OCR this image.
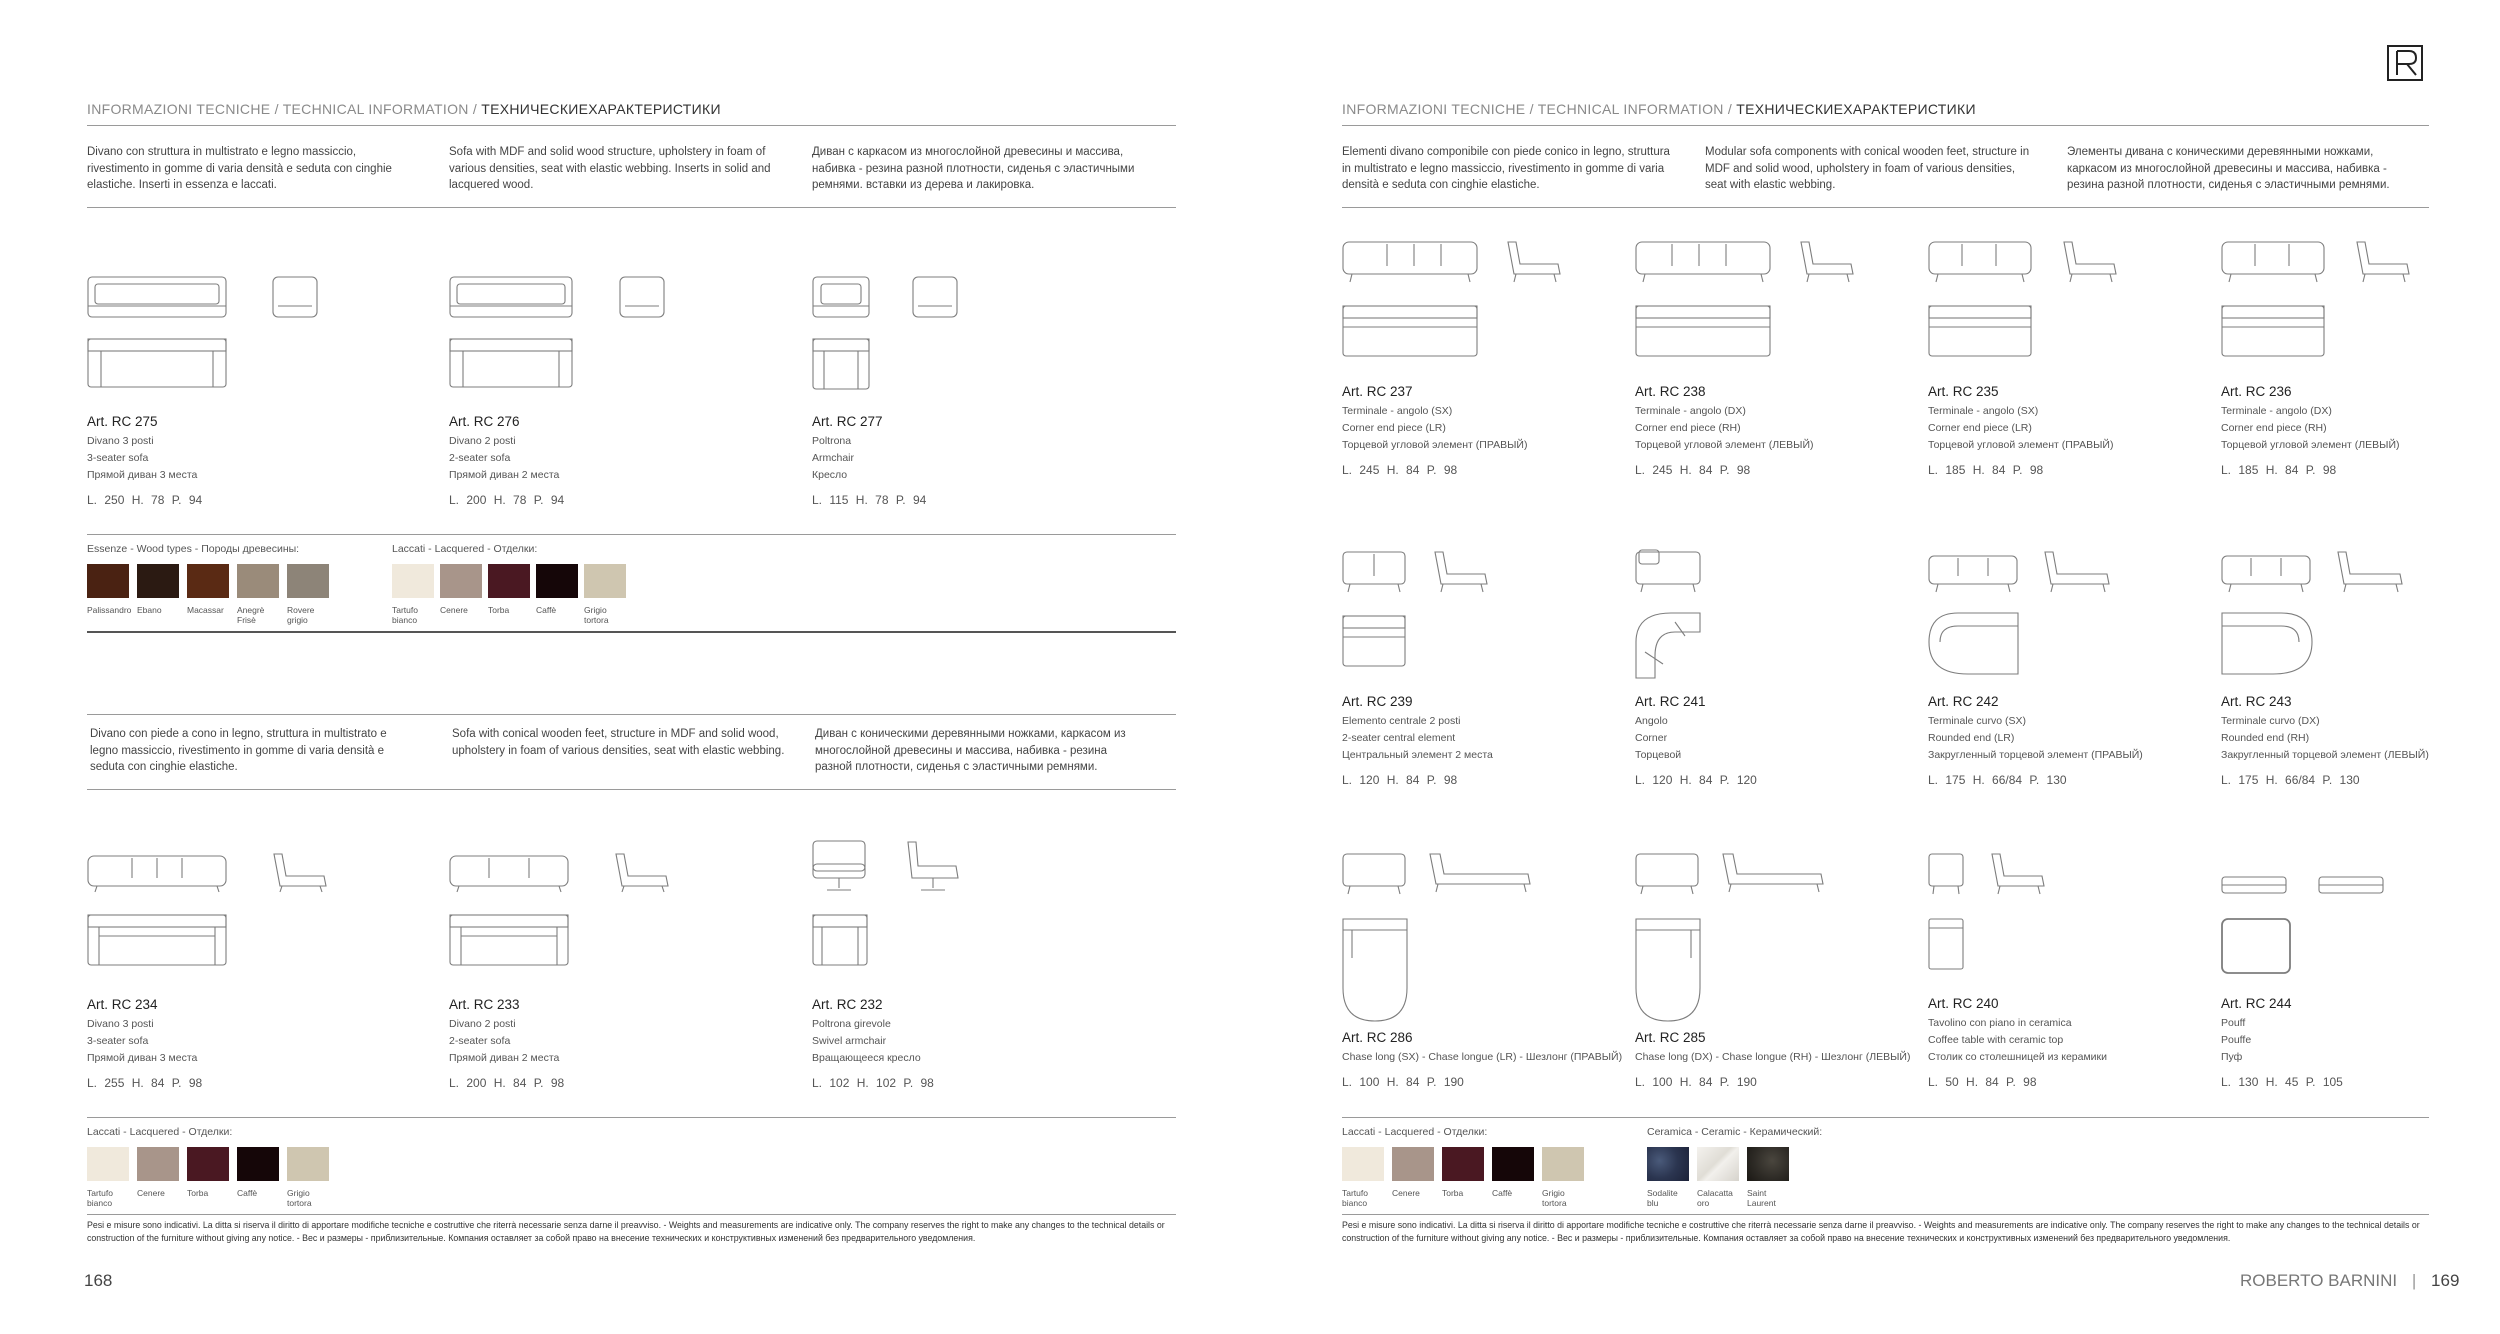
INFORMAZIONI TECNICHE / TECHNICAL INFORMATION / ТЕХНИЧЕСКИЕХАРАКТЕРИСТИКИ
Divano con struttura in multistrato e legno massiccio, rivestimento in gomme di varia densità e seduta con cinghie elastiche. Inserti in essenza e laccati.
Sofa with MDF and solid wood structure, upholstery in foam of various densities, seat with elastic webbing. Inserts in solid and lacquered wood.
Диван с каркасом из многослойной древесины и массива, набивка - резина разной плотности, сиденья с эластичными ремнями. вставки из дерева и лакировка.
Art. RC 275
Divano 3 posti
3-seater sofa
Прямой диван 3 места
L. 250 H. 78 P. 94
Art. RC 276
Divano 2 posti
2-seater sofa
Прямой диван 2 места
L. 200 H. 78 P. 94
Art. RC 277
Poltrona
Armchair
Кресло
L. 115 H. 78 P. 94
Essenze - Wood types - Породы древесины:	Laccati - Lacquered - Отделки:
Palissandro Ebano	Macassar	Anegrè Frisè
Rovere grigio
Tartufo bianco
Cenere	Torba	Caffè	Grigio tortora
Divano con piede a cono in legno, struttura in multistrato e legno massiccio, rivestimento in gomme di varia densità e seduta con cinghie elastiche.
Sofa with conical wooden feet, structure in MDF and solid wood, upholstery in foam of various densities, seat with elastic webbing.
Диван с коническими деревянными ножками, каркасом из многослойной древесины и массива, набивка - резина разной плотности, сиденья с эластичными ремнями.
Art. RC 234
Divano 3 posti
3-seater sofa
Прямой диван 3 места
L. 255 H. 84 P. 98
Art. RC 233
Divano 2 posti
2-seater sofa
Прямой диван 2 места
L. 200 H. 84 P. 98
Art. RC 232
Poltrona girevole
Swivel armchair
Вращающееся кресло
L. 102 H. 102 P. 98
Laccati - Lacquered - Отделки:
Tartufo bianco
Cenere	Torba	Caffè	Grigio tortora
Pesi e misure sono indicativi. La ditta si riserva il diritto di apportare modifiche tecniche e costruttive che riterrà necessarie senza darne il preavviso. - Weights and measurements are indicative only. The company reserves the right to make any changes to the technical details or construction of the furniture without giving any notice. - Вес и размеры - приблизительные. Компания оставляет за собой право на внесение технических и конструктивных изменений без предварительного уведомления.
168
INFORMAZIONI TECNICHE / TECHNICAL INFORMATION / ТЕХНИЧЕСКИЕХАРАКТЕРИСТИКИ
Elementi divano componibile con piede conico in legno, struttura in multistrato e legno massiccio, rivestimento in gomme di varia densità e seduta con cinghie elastiche.
Modular sofa components with conical wooden feet, structure in MDF and solid wood, upholstery in foam of various densities, seat with elastic webbing.
Элементы дивана с коническими деревянными ножками, каркасом из многослойной древесины и массива, набивка - резина разной плотности, сиденья с эластичными ремнями.
Art. RC 237
Terminale - angolo (SX)
Corner end piece (LR)
Торцевой угловой элемент (ПРАВЫЙ)
L. 245 H. 84 P. 98
Art. RC 238
Terminale - angolo (DX)
Corner end piece (RH)
Торцевой угловой элемент (ЛЕВЫЙ)
L. 245 H. 84 P. 98
Art. RC 235
Terminale - angolo (SX)
Corner end piece (LR)
Торцевой угловой элемент (ПРАВЫЙ)
L. 185 H. 84 P. 98
Art. RC 236
Terminale - angolo (DX)
Corner end piece (RH)
Торцевой угловой элемент (ЛЕВЫЙ)
L. 185 H. 84 P. 98
Art. RC 239
Elemento centrale 2 posti
2-seater central element
Центральный элемент 2 места
L. 120 H. 84 P. 98
Art. RC 241
Angolo
Corner
Торцевой
L. 120 H. 84 P. 120
Art. RC 242
Terminale curvo (SX)
Rounded end (LR)
Закругленный торцевой элемент (ПРАВЫЙ)
L. 175 H. 66/84 P. 130
Art. RC 243
Terminale curvo (DX)
Rounded end (RH)
Закругленный торцевой элемент (ЛЕВЫЙ)
L. 175 H. 66/84 P. 130
Art. RC 286
Chase long (SX) - Chase longue (LR) - Шезлонг (ПРАВЫЙ)
L. 100 H. 84 P. 190
Art. RC 285
Chase long (DX) - Chase longue (RH) - Шезлонг (ЛЕВЫЙ)
L. 100 H. 84 P. 190
Art. RC 240
Tavolino con piano in ceramica
Coffee table with ceramic top
Столик со столешницей из керамики
L. 50 H. 84 P. 98
Art. RC 244
Pouff
Pouffe
Пуф
L. 130 H. 45 P. 105
Laccati - Lacquered - Отделки:	Ceramica - Ceramic - Керамический:
Tartufo bianco
Cenere	Torba	Caffè	Grigio tortora
Sodalite blu
Calacatta oro
Saint Laurent
Pesi e misure sono indicativi. La ditta si riserva il diritto di apportare modifiche tecniche e costruttive che riterrà necessarie senza darne il preavviso. - Weights and measurements are indicative only. The company reserves the right to make any changes to the technical details or construction of the furniture without giving any notice. - Вес и размеры - приблизительные. Компания оставляет за собой право на внесение технических и конструктивных изменений без предварительного уведомления.
ROBERTO BARNINI | 169
